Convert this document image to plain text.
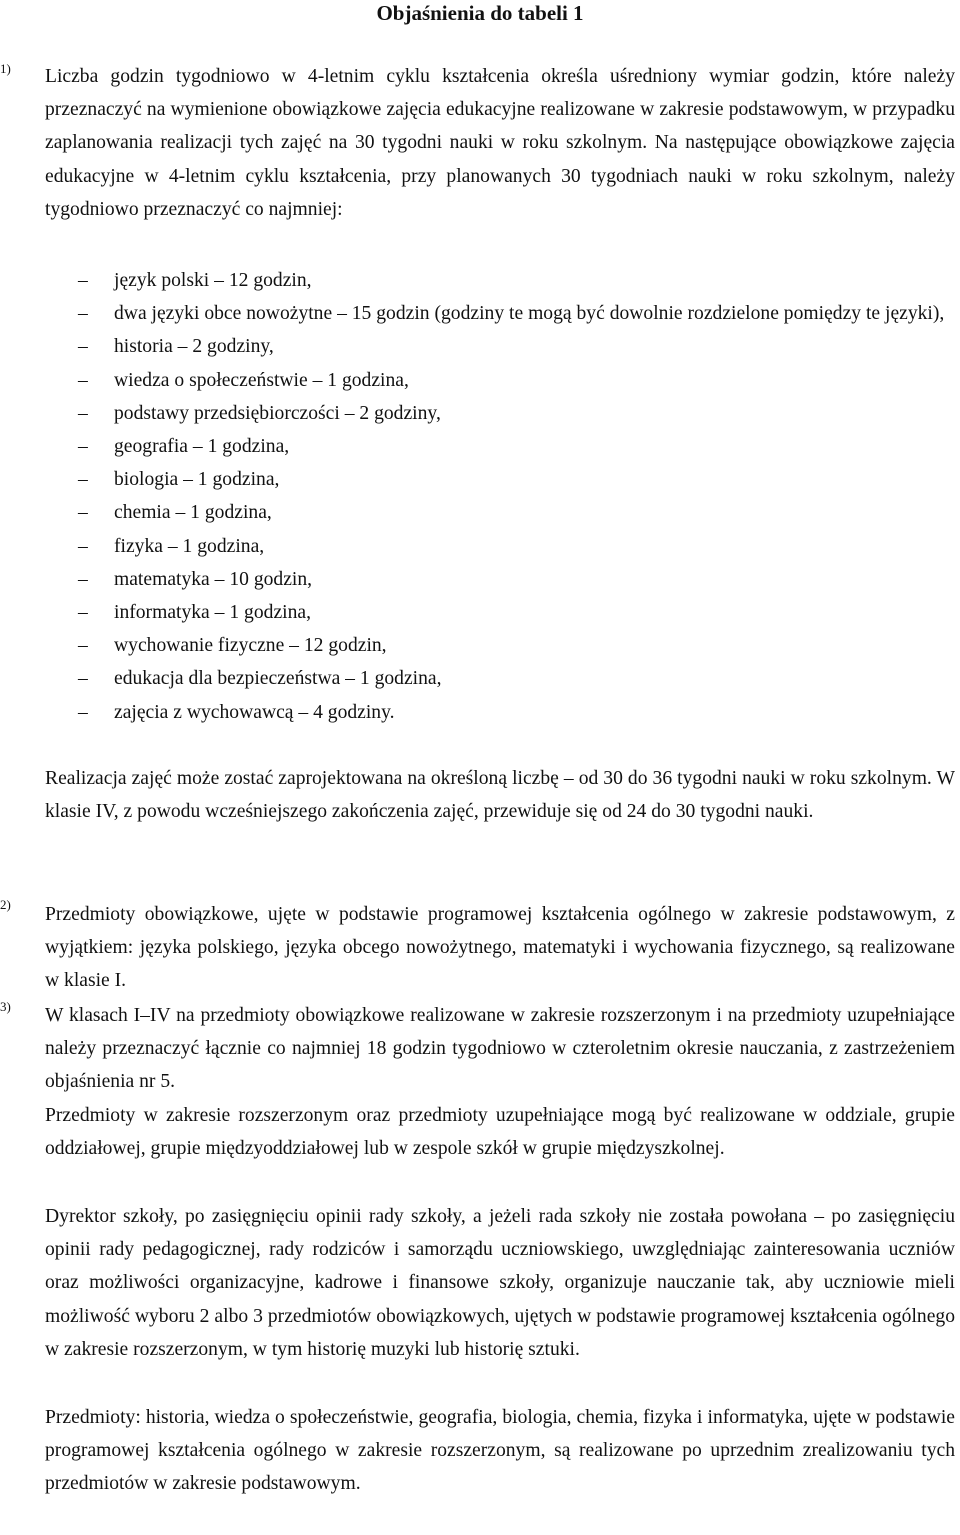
Objaśnienia do tabeli 1
1) Liczba godzin tygodniowo w 4-letnim cyklu kształcenia określa uśredniony wymiar godzin, które należy przeznaczyć na wymienione obowiązkowe zajęcia edukacyjne realizowane w zakresie podstawowym, w przypadku zaplanowania realizacji tych zajęć na 30 tygodni nauki w roku szkolnym. Na następujące obowiązkowe zajęcia edukacyjne w 4-letnim cyklu kształcenia, przy planowanych 30 tygodniach nauki w roku szkolnym, należy tygodniowo przeznaczyć co najmniej:

–	język polski – 12 godzin,
–	dwa języki obce nowożytne – 15 godzin (godziny te mogą być dowolnie rozdzielone pomiędzy te języki),
–	historia – 2 godziny,
–	wiedza o społeczeństwie – 1 godzina,
–	podstawy przedsiębiorczości – 2 godziny,
–	geografia – 1 godzina,
–	biologia – 1 godzina,
–	chemia – 1 godzina,
–	fizyka – 1 godzina,
–	matematyka – 10 godzin,
–	informatyka – 1 godzina,
–	wychowanie fizyczne – 12 godzin,
–	edukacja dla bezpieczeństwa – 1 godzina,
–	zajęcia z wychowawcą – 4 godziny.

Realizacja zajęć może zostać zaprojektowana na określoną liczbę – od 30 do 36 tygodni nauki w roku szkolnym. W klasie IV, z powodu wcześniejszego zakończenia zajęć, przewiduje się od 24 do 30 tygodni nauki.

2) Przedmioty obowiązkowe, ujęte w podstawie programowej kształcenia ogólnego w zakresie podstawowym, z wyjątkiem: języka polskiego, języka obcego nowożytnego, matematyki i wychowania fizycznego, są realizowane w klasie I.

3) W klasach I–IV na przedmioty obowiązkowe realizowane w zakresie rozszerzonym i na przedmioty uzupełniające należy przeznaczyć łącznie co najmniej 18 godzin tygodniowo w czteroletnim okresie nauczania, z zastrzeżeniem objaśnienia nr 5.

Przedmioty w zakresie rozszerzonym oraz przedmioty uzupełniające mogą być realizowane w oddziale, grupie oddziałowej, grupie międzyoddziałowej lub w zespole szkół w grupie międzyszkolnej.

Dyrektor szkoły, po zasięgnięciu opinii rady szkoły, a jeżeli rada szkoły nie została powołana – po zasięgnięciu opinii rady pedagogicznej, rady rodziców i samorządu uczniowskiego, uwzględniając zainteresowania uczniów oraz możliwości organizacyjne, kadrowe i finansowe szkoły, organizuje nauczanie tak, aby uczniowie mieli możliwość wyboru 2 albo 3 przedmiotów obowiązkowych, ujętych w podstawie programowej kształcenia ogólnego w zakresie rozszerzonym, w tym historię muzyki lub historię sztuki.

Przedmioty: historia, wiedza o społeczeństwie, geografia, biologia, chemia, fizyka i informatyka, ujęte w podstawie programowej kształcenia ogólnego w zakresie rozszerzonym, są realizowane po uprzednim zrealizowaniu tych przedmiotów w zakresie podstawowym.
